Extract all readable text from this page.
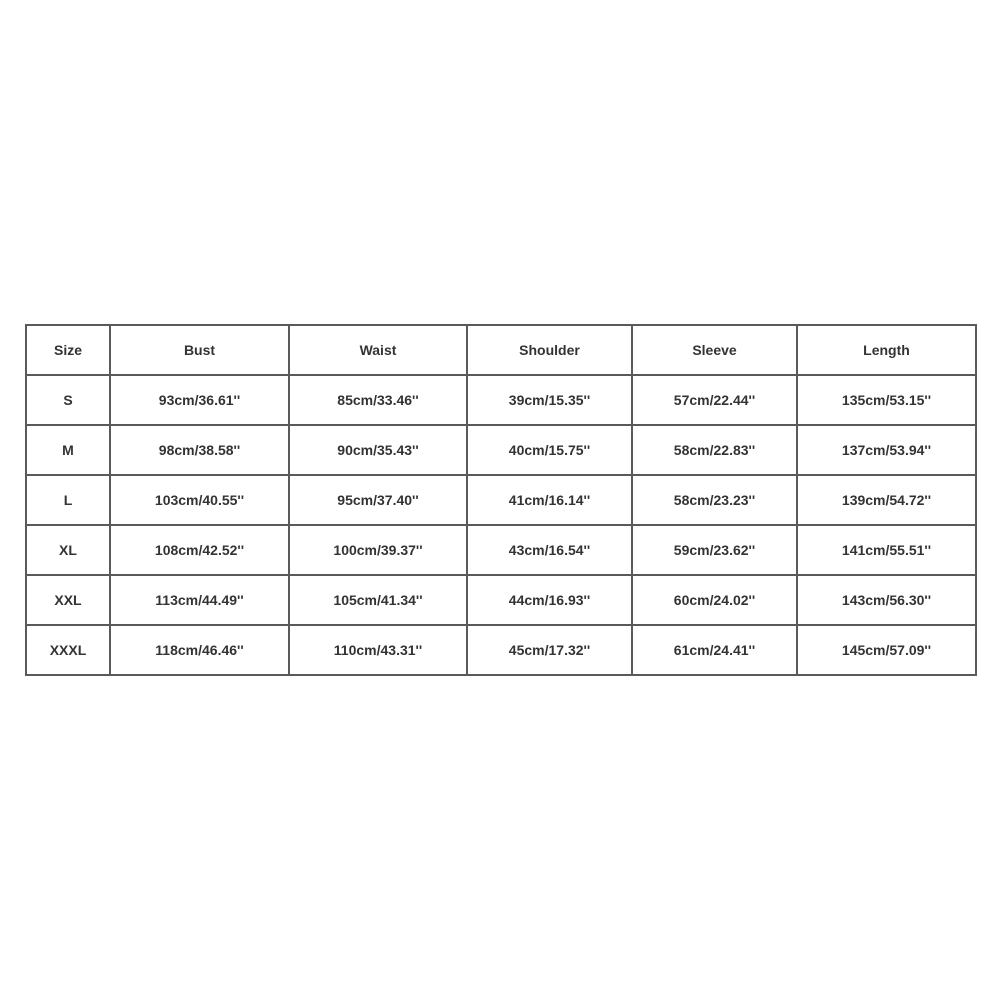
Size	Bust	Waist	Shoulder	Sleeve	Length
S	93cm/36.61''	85cm/33.46''	39cm/15.35''	57cm/22.44''	135cm/53.15''
M	98cm/38.58''	90cm/35.43''	40cm/15.75''	58cm/22.83''	137cm/53.94''
L	103cm/40.55''	95cm/37.40''	41cm/16.14''	58cm/23.23''	139cm/54.72''
XL	108cm/42.52''	100cm/39.37''	43cm/16.54''	59cm/23.62''	141cm/55.51''
XXL	113cm/44.49''	105cm/41.34''	44cm/16.93''	60cm/24.02''	143cm/56.30''
XXXL	118cm/46.46''	110cm/43.31''	45cm/17.32''	61cm/24.41''	145cm/57.09''
